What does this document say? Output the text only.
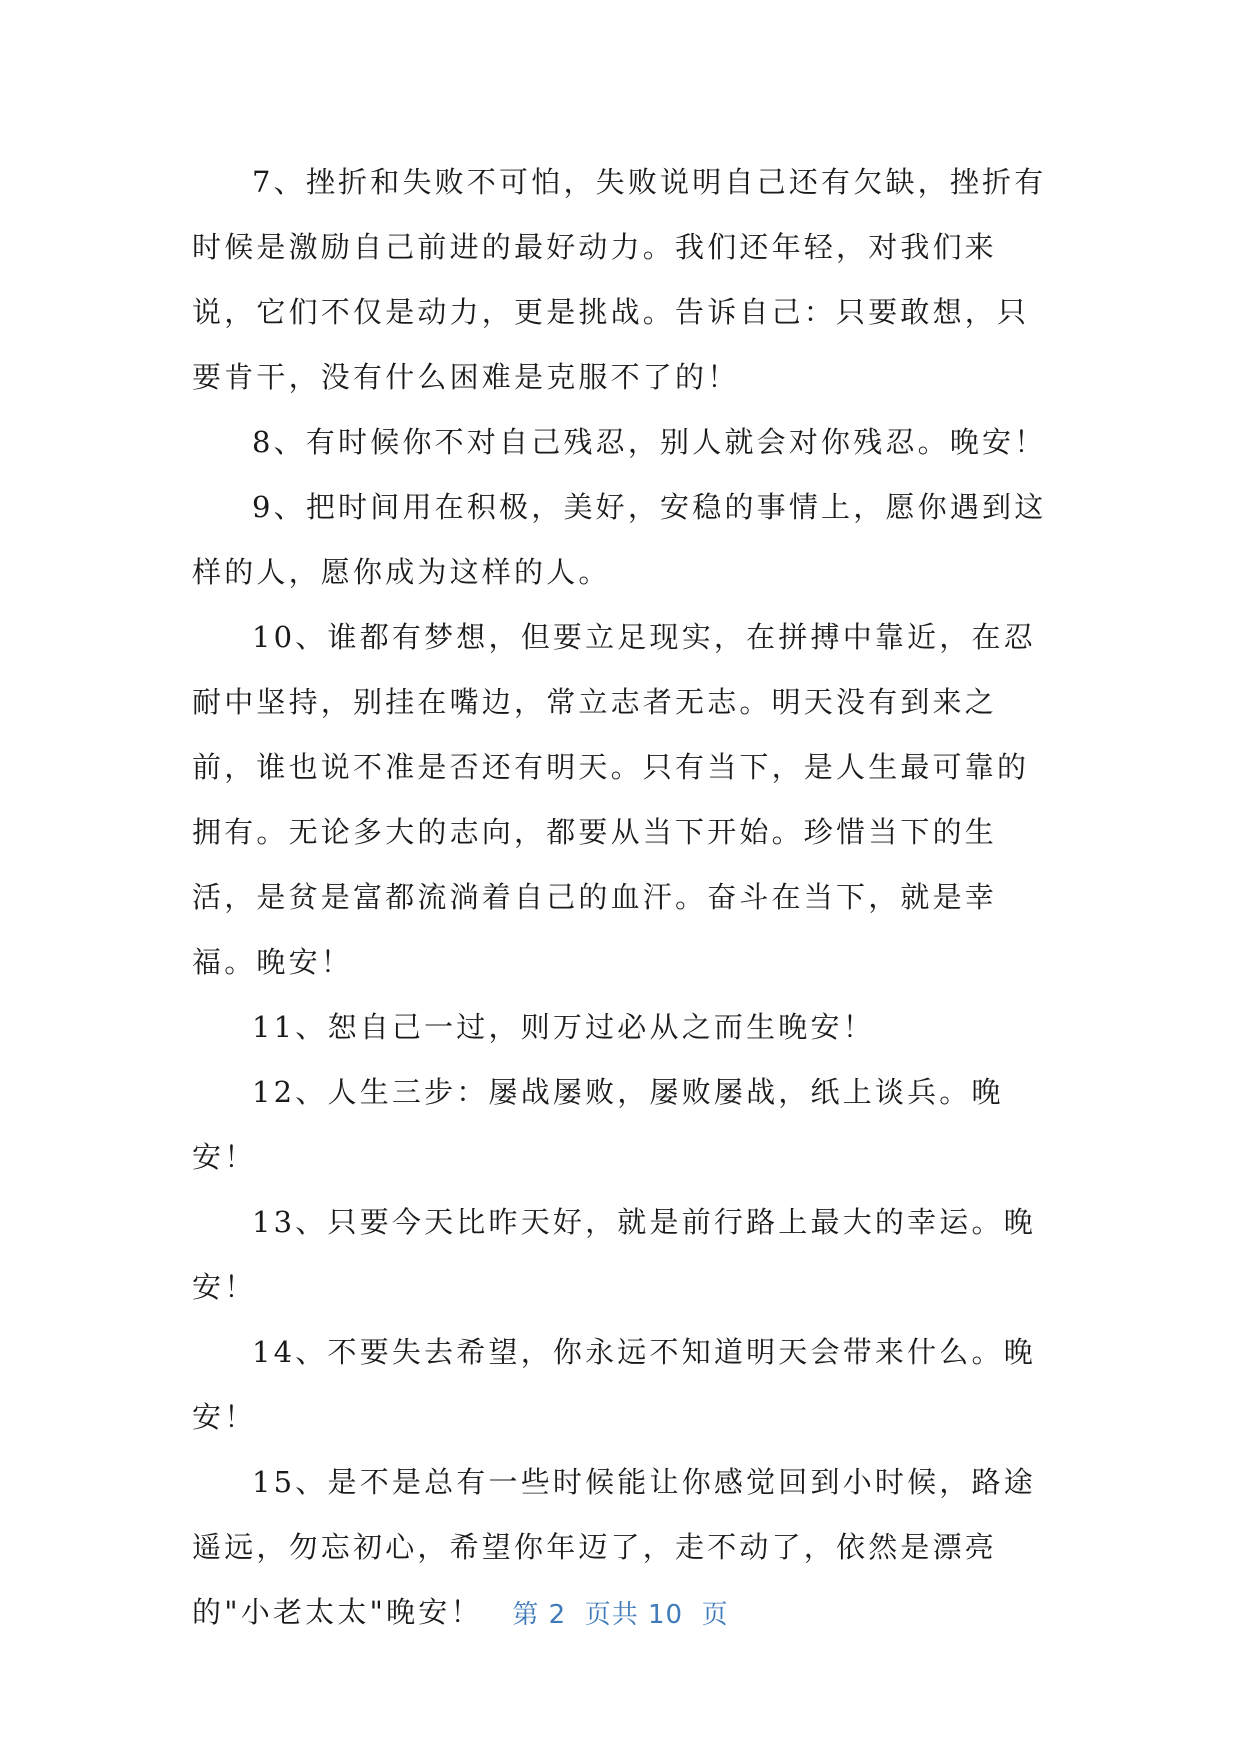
7、挫折和失败不可怕，失败说明自己还有欠缺，挫折有时候是激励自己前进的最好动力。我们还年轻，对我们来说，它们不仅是动力，更是挑战。告诉自己：只要敢想，只要肯干，没有什么困难是克服不了的！

8、有时候你不对自己残忍，别人就会对你残忍。晚安！

9、把时间用在积极，美好，安稳的事情上，愿你遇到这样的人，愿你成为这样的人。

10、谁都有梦想，但要立足现实，在拼搏中靠近，在忍耐中坚持，别挂在嘴边，常立志者无志。明天没有到来之前，谁也说不准是否还有明天。只有当下，是人生最可靠的拥有。无论多大的志向，都要从当下开始。珍惜当下的生活，是贫是富都流淌着自己的血汗。奋斗在当下，就是幸福。晚安！

11、恕自己一过，则万过必从之而生晚安！

12、人生三步：屡战屡败，屡败屡战，纸上谈兵。晚安！

13、只要今天比昨天好，就是前行路上最大的幸运。晚安！

14、不要失去希望，你永远不知道明天会带来什么。晚安！

15、是不是总有一些时候能让你感觉回到小时候，路途遥远，勿忘初心，希望你年迈了，走不动了，依然是漂亮的"小老太太"晚安！	第 2  页共 10  页
